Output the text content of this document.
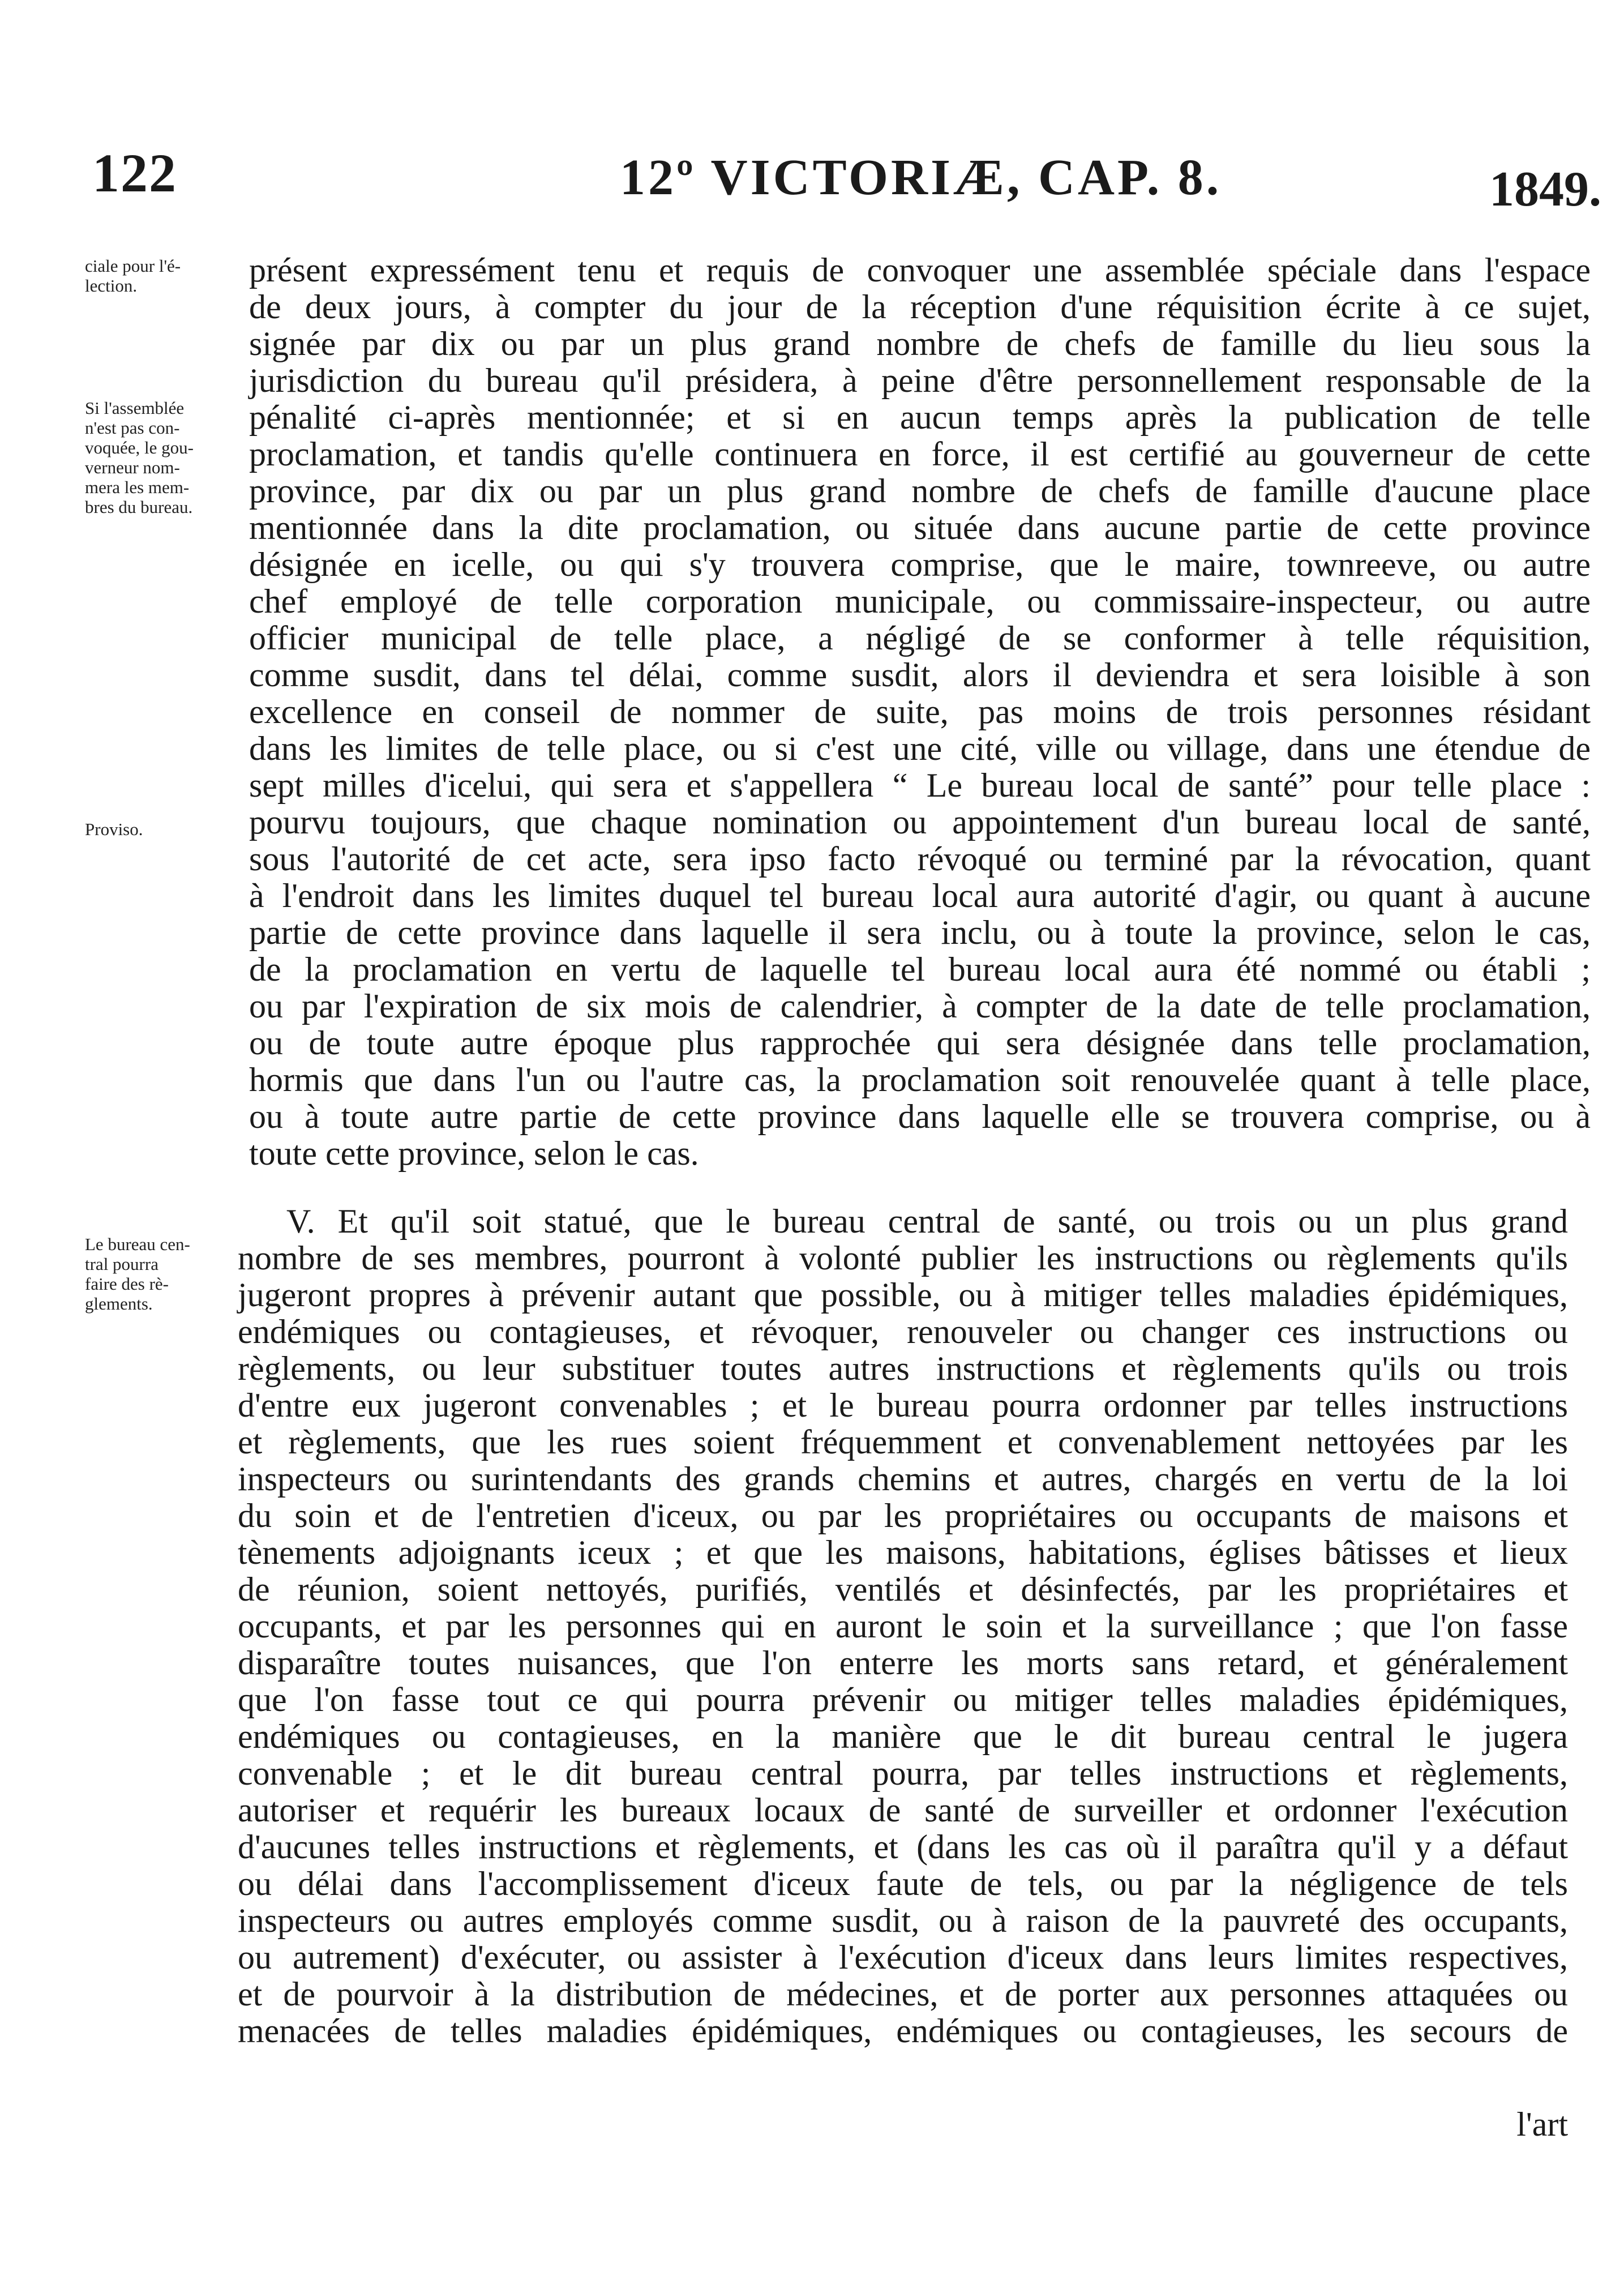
122	12º VICTORIÆ, CAP. 8.	1849.
ciale pour l'é-
lection.
Si l'assemblée
n'est pas con-
voquée, le gou-
verneur nom-
mera les mem-
bres du bureau.
Proviso.
Le bureau cen-
tral pourra
faire des rè-
glements.
présent expressément tenu et requis de convoquer une assemblée spéciale dans l'espace
de deux jours, à compter du jour de la réception d'une réquisition écrite à ce sujet,
signée par dix ou par un plus grand nombre de chefs de famille du lieu sous la
jurisdiction du bureau qu'il présidera, à peine d'être personnellement responsable de la
pénalité ci-après mentionnée; et si en aucun temps après la publication de telle
proclamation, et tandis qu'elle continuera en force, il est certifié au gouverneur de cette
province, par dix ou par un plus grand nombre de chefs de famille d'aucune place
mentionnée dans la dite proclamation, ou située dans aucune partie de cette province
désignée en icelle, ou qui s'y trouvera comprise, que le maire, townreeve, ou autre
chef employé de telle corporation municipale, ou commissaire-inspecteur, ou autre
officier municipal de telle place, a négligé de se conformer à telle réquisition,
comme susdit, dans tel délai, comme susdit, alors il deviendra et sera loisible à son
excellence en conseil de nommer de suite, pas moins de trois personnes résidant
dans les limites de telle place, ou si c'est une cité, ville ou village, dans une étendue de
sept milles d'icelui, qui sera et s'appellera “ Le bureau local de santé” pour telle place :
pourvu toujours, que chaque nomination ou appointement d'un bureau local de santé,
sous l'autorité de cet acte, sera ipso facto révoqué ou terminé par la révocation, quant
à l'endroit dans les limites duquel tel bureau local aura autorité d'agir, ou quant à aucune
partie de cette province dans laquelle il sera inclu, ou à toute la province, selon le cas,
de la proclamation en vertu de laquelle tel bureau local aura été nommé ou établi ;
ou par l'expiration de six mois de calendrier, à compter de la date de telle proclamation,
ou de toute autre époque plus rapprochée qui sera désignée dans telle proclamation,
hormis que dans l'un ou l'autre cas, la proclamation soit renouvelée quant à telle place,
ou à toute autre partie de cette province dans laquelle elle se trouvera comprise, ou à
toute cette province, selon le cas.
V. Et qu'il soit statué, que le bureau central de santé, ou trois ou un plus grand
nombre de ses membres, pourront à volonté publier les instructions ou règlements qu'ils
jugeront propres à prévenir autant que possible, ou à mitiger telles maladies épidémiques,
endémiques ou contagieuses, et révoquer, renouveler ou changer ces instructions ou
règlements, ou leur substituer toutes autres instructions et règlements qu'ils ou trois
d'entre eux jugeront convenables ; et le bureau pourra ordonner par telles instructions
et règlements, que les rues soient fréquemment et convenablement nettoyées par les
inspecteurs ou surintendants des grands chemins et autres, chargés en vertu de la loi
du soin et de l'entretien d'iceux, ou par les propriétaires ou occupants de maisons et
tènements adjoignants iceux ; et que les maisons, habitations, églises bâtisses et lieux
de réunion, soient nettoyés, purifiés, ventilés et désinfectés, par les propriétaires et
occupants, et par les personnes qui en auront le soin et la surveillance ; que l'on fasse
disparaître toutes nuisances, que l'on enterre les morts sans retard, et généralement
que l'on fasse tout ce qui pourra prévenir ou mitiger telles maladies épidémiques,
endémiques ou contagieuses, en la manière que le dit bureau central le jugera
convenable ; et le dit bureau central pourra, par telles instructions et règlements,
autoriser et requérir les bureaux locaux de santé de surveiller et ordonner l'exécution
d'aucunes telles instructions et règlements, et (dans les cas où il paraîtra qu'il y a défaut
ou délai dans l'accomplissement d'iceux faute de tels, ou par la négligence de tels
inspecteurs ou autres employés comme susdit, ou à raison de la pauvreté des occupants,
ou autrement) d'exécuter, ou assister à l'exécution d'iceux dans leurs limites respectives,
et de pourvoir à la distribution de médecines, et de porter aux personnes attaquées ou
menacées de telles maladies épidémiques, endémiques ou contagieuses, les secours de
l'art
